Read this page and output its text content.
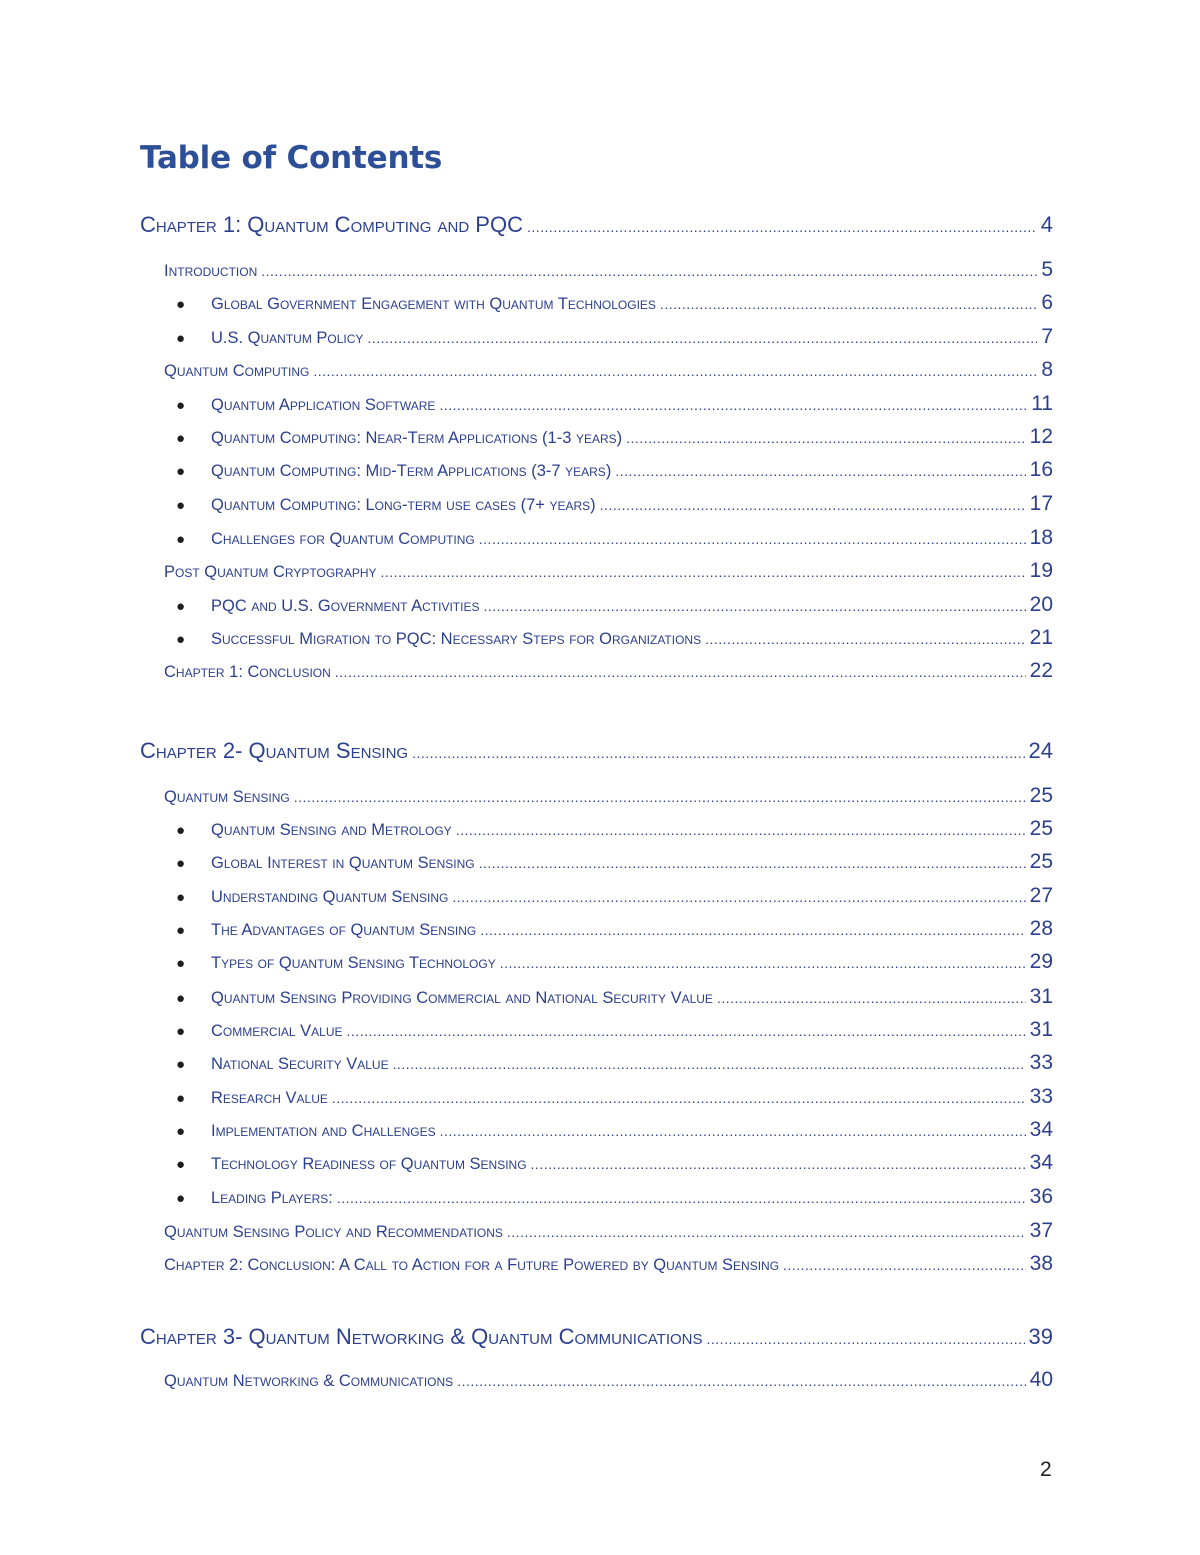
Table of Contents
Chapter 1: Quantum Computing and PQC .....	4
Introduction .....	5
●	Global Government Engagement with Quantum Technologies .....	6
●	U.S. Quantum Policy .....	7
Quantum Computing .....	8
●	Quantum Application Software .....	11
●	Quantum Computing: Near-Term Applications (1-3 years) .....	12
●	Quantum Computing: Mid-Term Applications (3-7 years) .....	16
●	Quantum Computing: Long-term use cases (7+ years) .....	17
●	Challenges for Quantum Computing .....	18
Post Quantum Cryptography .....	19
●	PQC and U.S. Government Activities .....	20
●	Successful Migration to PQC: Necessary Steps for Organizations .....	21
Chapter 1: Conclusion .....	22
Chapter 2- Quantum Sensing .....	24
Quantum Sensing .....	25
●	Quantum Sensing and Metrology .....	25
●	Global Interest in Quantum Sensing .....	25
●	Understanding Quantum Sensing .....	27
●	The Advantages of Quantum Sensing .....	28
●	Types of Quantum Sensing Technology .....	29
●	Quantum Sensing Providing Commercial and National Security Value .....	31
●	Commercial Value .....	31
●	National Security Value .....	33
●	Research Value .....	33
●	Implementation and Challenges .....	34
●	Technology Readiness of Quantum Sensing .....	34
●	Leading Players: .....	36
Quantum Sensing Policy and Recommendations .....	37
Chapter 2: Conclusion: A Call to Action for a Future Powered by Quantum Sensing .....	38
Chapter 3- Quantum Networking & Quantum Communications .....	39
Quantum Networking & Communications .....	40
2
